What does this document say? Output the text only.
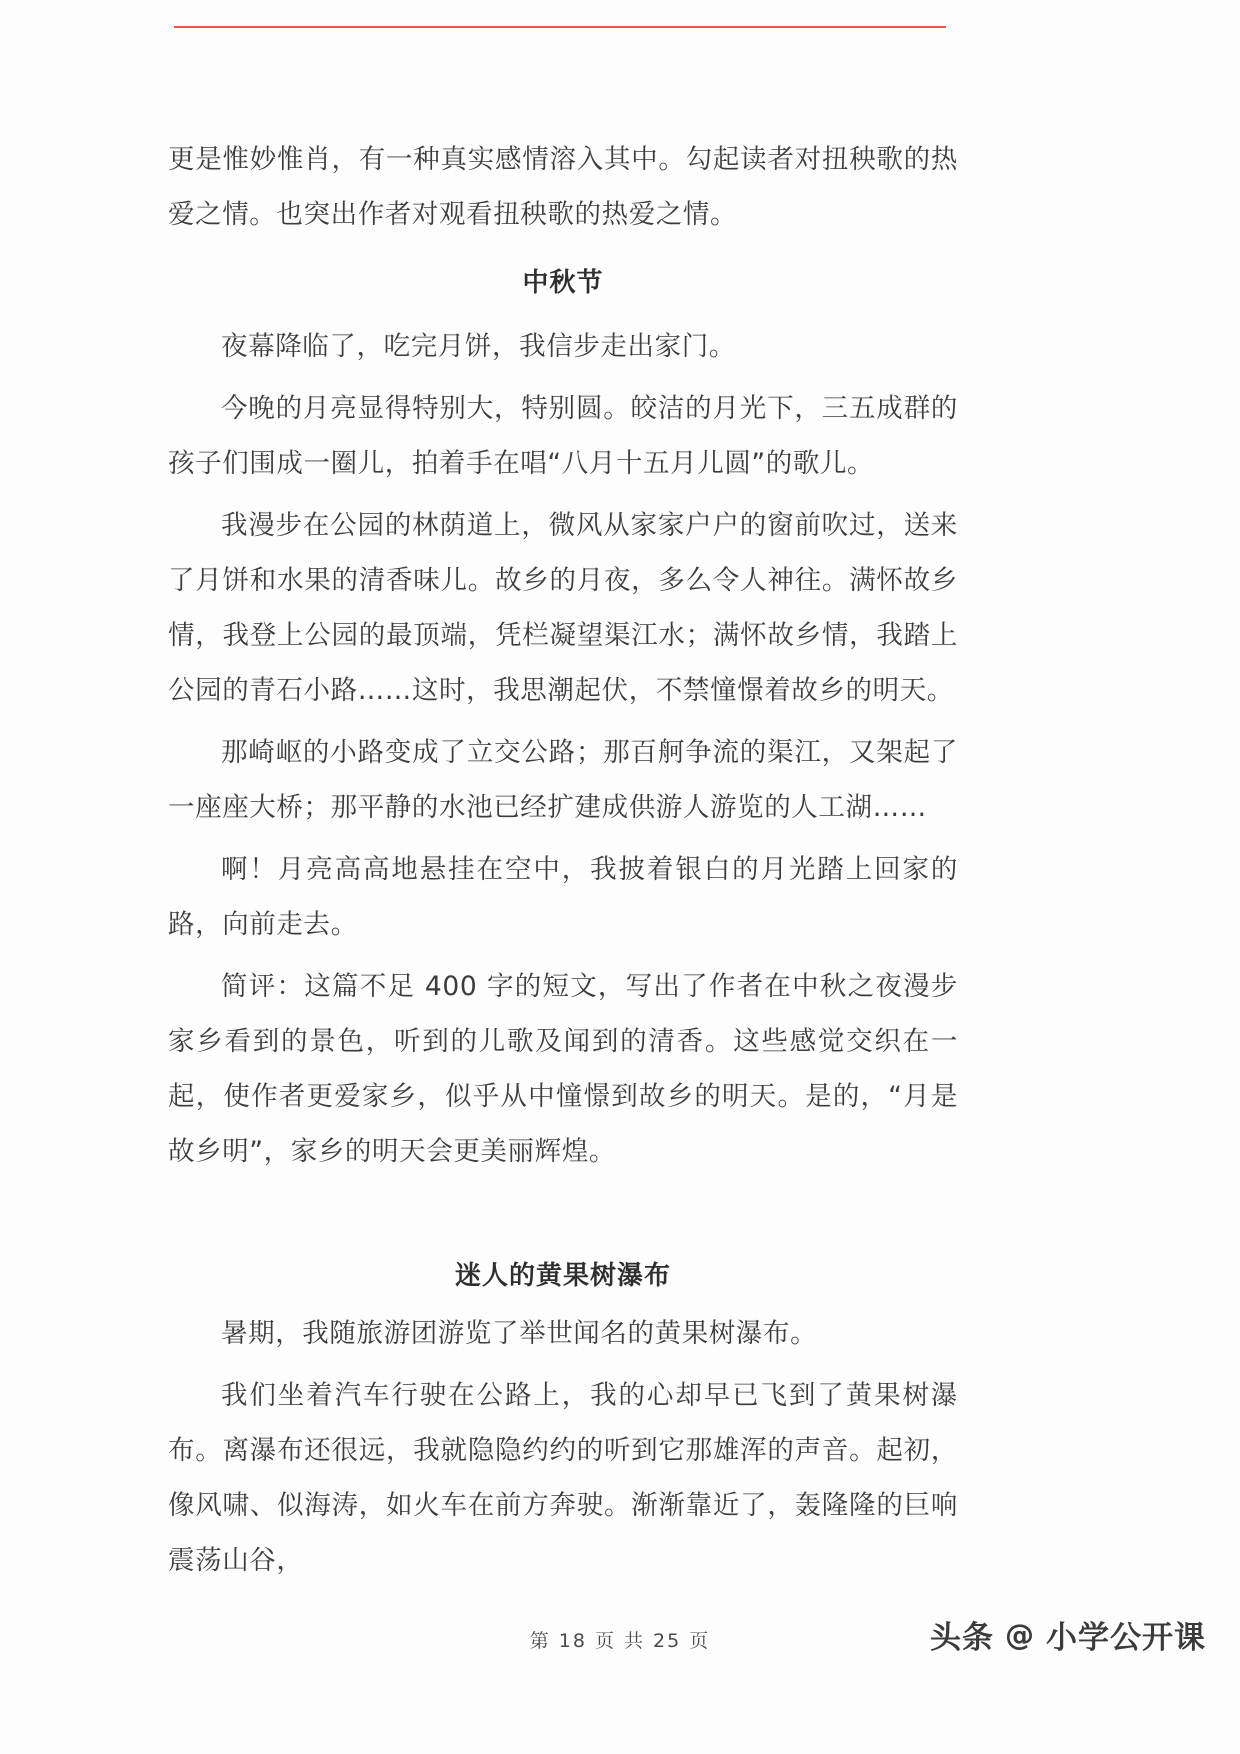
更是惟妙惟肖，有一种真实感情溶入其中。勾起读者对扭秧歌的热爱之情。也突出作者对观看扭秧歌的热爱之情。

中秋节

夜幕降临了，吃完月饼，我信步走出家门。

今晚的月亮显得特别大，特别圆。皎洁的月光下，三五成群的孩子们围成一圈儿，拍着手在唱“八月十五月儿圆”的歌儿。

我漫步在公园的林荫道上，微风从家家户户的窗前吹过，送来了月饼和水果的清香味儿。故乡的月夜，多么令人神往。满怀故乡情，我登上公园的最顶端，凭栏凝望渠江水；满怀故乡情，我踏上公园的青石小路……这时，我思潮起伏，不禁憧憬着故乡的明天。

那崎岖的小路变成了立交公路；那百舸争流的渠江，又架起了一座座大桥；那平静的水池已经扩建成供游人游览的人工湖……

啊！月亮高高地悬挂在空中，我披着银白的月光踏上回家的路，向前走去。

简评：这篇不足 400 字的短文，写出了作者在中秋之夜漫步家乡看到的景色，听到的儿歌及闻到的清香。这些感觉交织在一起，使作者更爱家乡，似乎从中憧憬到故乡的明天。是的，“月是故乡明”，家乡的明天会更美丽辉煌。

迷人的黄果树瀑布

暑期，我随旅游团游览了举世闻名的黄果树瀑布。

我们坐着汽车行驶在公路上，我的心却早已飞到了黄果树瀑布。离瀑布还很远，我就隐隐约约的听到它那雄浑的声音。起初，像风啸、似海涛，如火车在前方奔驶。渐渐靠近了，轰隆隆的巨响震荡山谷，

第 18 页 共 25 页	头条 @ 小学公开课
